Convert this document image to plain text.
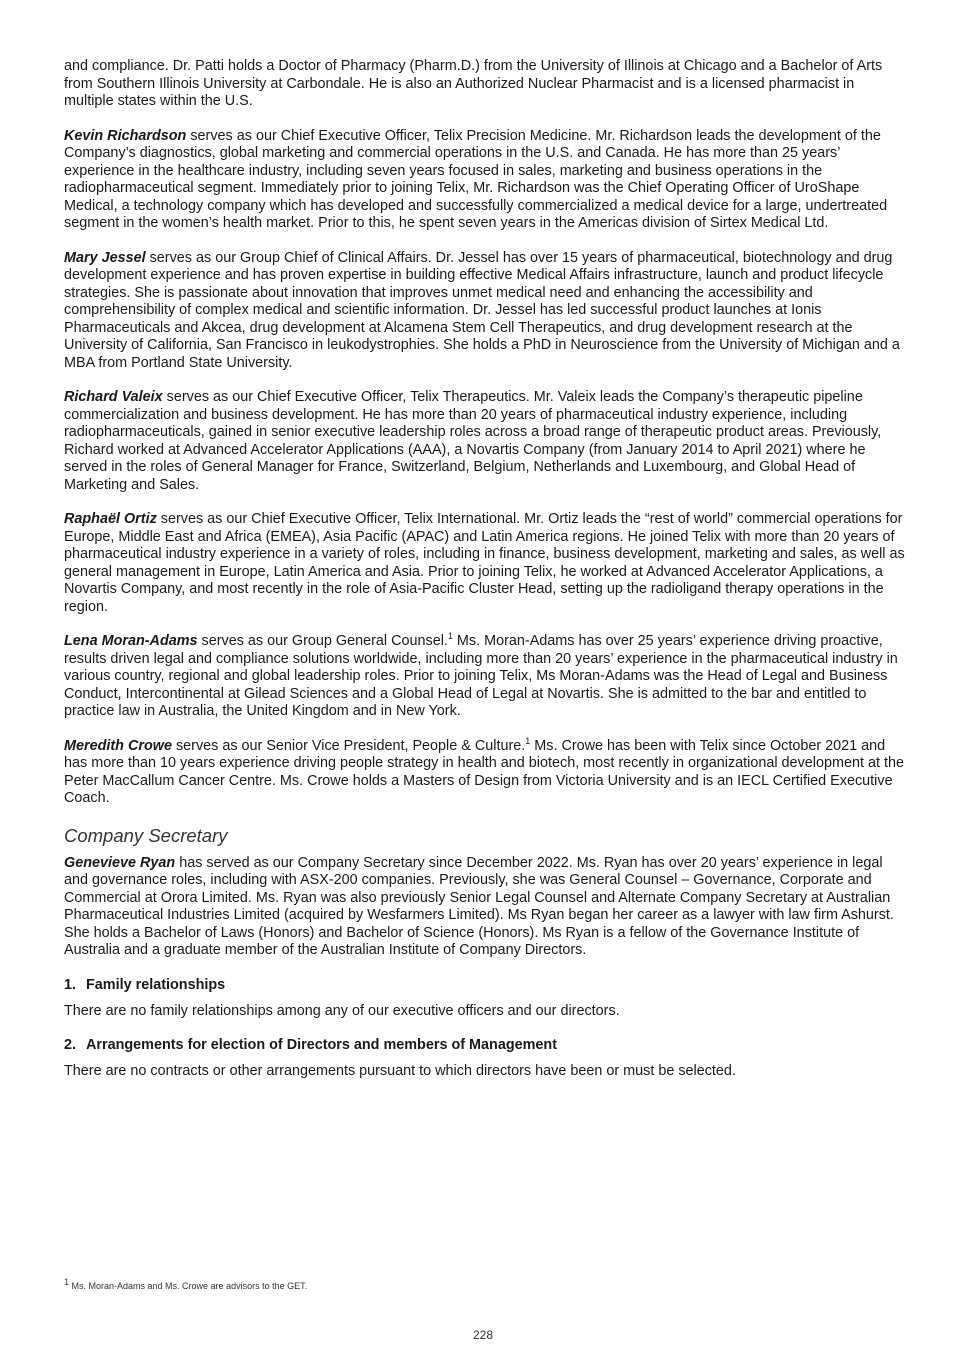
and compliance. Dr. Patti holds a Doctor of Pharmacy (Pharm.D.) from the University of Illinois at Chicago and a Bachelor of Arts from Southern Illinois University at Carbondale. He is also an Authorized Nuclear Pharmacist and is a licensed pharmacist in multiple states within the U.S.

Kevin Richardson serves as our Chief Executive Officer, Telix Precision Medicine. Mr. Richardson leads the development of the Company’s diagnostics, global marketing and commercial operations in the U.S. and Canada. He has more than 25 years’ experience in the healthcare industry, including seven years focused in sales, marketing and business operations in the radiopharmaceutical segment. Immediately prior to joining Telix, Mr. Richardson was the Chief Operating Officer of UroShape Medical, a technology company which has developed and successfully commercialized a medical device for a large, undertreated segment in the women’s health market. Prior to this, he spent seven years in the Americas division of Sirtex Medical Ltd.

Mary Jessel serves as our Group Chief of Clinical Affairs. Dr. Jessel has over 15 years of pharmaceutical, biotechnology and drug development experience and has proven expertise in building effective Medical Affairs infrastructure, launch and product lifecycle strategies. She is passionate about innovation that improves unmet medical need and enhancing the accessibility and comprehensibility of complex medical and scientific information. Dr. Jessel has led successful product launches at Ionis Pharmaceuticals and Akcea, drug development at Alcamena Stem Cell Therapeutics, and drug development research at the University of California, San Francisco in leukodystrophies. She holds a PhD in Neuroscience from the University of Michigan and a MBA from Portland State University.

Richard Valeix serves as our Chief Executive Officer, Telix Therapeutics. Mr. Valeix leads the Company’s therapeutic pipeline commercialization and business development. He has more than 20 years of pharmaceutical industry experience, including radiopharmaceuticals, gained in senior executive leadership roles across a broad range of therapeutic product areas. Previously, Richard worked at Advanced Accelerator Applications (AAA), a Novartis Company (from January 2014 to April 2021) where he served in the roles of General Manager for France, Switzerland, Belgium, Netherlands and Luxembourg, and Global Head of Marketing and Sales.

Raphaël Ortiz serves as our Chief Executive Officer, Telix International. Mr. Ortiz leads the “rest of world” commercial operations for Europe, Middle East and Africa (EMEA), Asia Pacific (APAC) and Latin America regions. He joined Telix with more than 20 years of pharmaceutical industry experience in a variety of roles, including in finance, business development, marketing and sales, as well as general management in Europe, Latin America and Asia. Prior to joining Telix, he worked at Advanced Accelerator Applications, a Novartis Company, and most recently in the role of Asia-Pacific Cluster Head, setting up the radioligand therapy operations in the region.

Lena Moran-Adams serves as our Group General Counsel.$^1$ Ms. Moran-Adams has over 25 years’ experience driving proactive, results driven legal and compliance solutions worldwide, including more than 20 years’ experience in the pharmaceutical industry in various country, regional and global leadership roles. Prior to joining Telix, Ms Moran-Adams was the Head of Legal and Business Conduct, Intercontinental at Gilead Sciences and a Global Head of Legal at Novartis. She is admitted to the bar and entitled to practice law in Australia, the United Kingdom and in New York.

Meredith Crowe serves as our Senior Vice President, People & Culture.$^1$ Ms. Crowe has been with Telix since October 2021 and has more than 10 years experience driving people strategy in health and biotech, most recently in organizational development at the Peter MacCallum Cancer Centre. Ms. Crowe holds a Masters of Design from Victoria University and is an IECL Certified Executive Coach.

Company Secretary

Genevieve Ryan has served as our Company Secretary since December 2022. Ms. Ryan has over 20 years’ experience in legal and governance roles, including with ASX-200 companies. Previously, she was General Counsel – Governance, Corporate and Commercial at Orora Limited. Ms. Ryan was also previously Senior Legal Counsel and Alternate Company Secretary at Australian Pharmaceutical Industries Limited (acquired by Wesfarmers Limited). Ms Ryan began her career as a lawyer with law firm Ashurst. She holds a Bachelor of Laws (Honors) and Bachelor of Science (Honors). Ms Ryan is a fellow of the Governance Institute of Australia and a graduate member of the Australian Institute of Company Directors.

1. Family relationships

There are no family relationships among any of our executive officers and our directors.

2. Arrangements for election of Directors and members of Management

There are no contracts or other arrangements pursuant to which directors have been or must be selected.

$^1$ Ms. Moran-Adams and Ms. Crowe are advisors to the GET.
228
